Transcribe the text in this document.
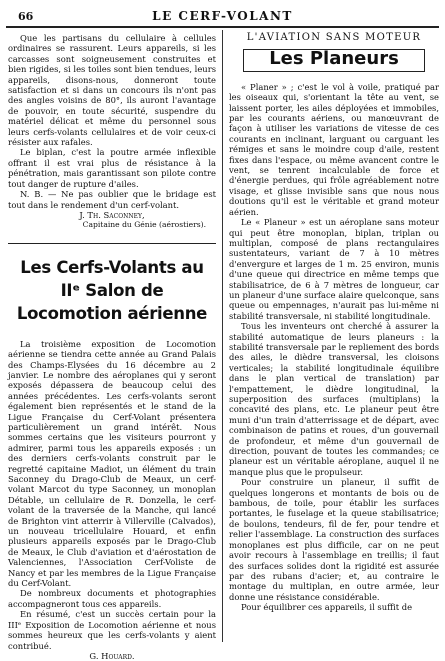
66	LE CERF-VOLANT

Que les partisans du cellulaire à cellules ordinaires se rassurent. Leurs appareils, si les carcasses sont soigneusement construites et bien rigides, si les toiles sont bien tendues, leurs appareils, disons-nous, donneront toute satisfaction et si dans un concours ils n'ont pas des angles voisins de 80°, ils auront l'avantage de pouvoir, en toute sécurité, suspendre du matériel délicat et même du personnel sous leurs cerfs-volants cellulaires et de voir ceux-ci résister aux rafales.

Le biplan, c'est la poutre armée inflexible offrant il est vrai plus de résistance à la pénétration, mais garantissant son pilote contre tout danger de rupture d'ailes.

N. B. — Ne pas oublier que le bridage est tout dans le rendement d'un cerf-volant.

J. Th. Saconney,

Capitaine du Génie (aérostiers).

Les Cerfs-Volants au IIᵉ Salon de Locomotion aérienne

La troisième exposition de Locomotion aérienne se tiendra cette année au Grand Palais des Champs-Elysées du 16 décembre au 2 janvier. Le nombre des aéroplanes qui y seront exposés dépassera de beaucoup celui des années précédentes. Les cerfs-volants seront également bien représentés et le stand de la Ligue Française du Cerf-Volant présentera particulièrement un grand intérêt. Nous sommes certains que les visiteurs pourront y admirer, parmi tous les appareils exposés : un des derniers cerfs-volants construit par le regretté capitaine Madiot, un élément du train Saconney du Drago-Club de Meaux, un cerf-volant Marcot du type Saconney, un monoplan Détable, un cellulaire de R. Donzella, le cerf-volant de la traversée de la Manche, qui lancé de Brighton vint atterrir à Villerville (Calvados), un nouveau tricellulaire Houard, et enfin plusieurs appareils exposés par le Drago-Club de Meaux, le Club d'aviation et d'aérostation de Valenciennes, l'Association Cerf-Voliste de Nancy et par les membres de la Ligue Française du Cerf-Volant.

De nombreux documents et photographies accompagneront tous ces appareils.

En résumé, c'est un succès certain pour la IIIᵉ Exposition de Locomotion aérienne et nous sommes heureux que les cerfs-volants y aient contribué.

G. Houard.

L'AVIATION SANS MOTEUR
Les Planeurs

« Planer » ; c'est le vol à voile, pratiqué par les oiseaux qui, s'orientant la tête au vent, se laissent porter, les ailes déployées et immobiles, par les courants aériens, ou manœuvrant de façon à utiliser les variations de vitesse de ces courants en inclinant, larguant ou carguant les rémiges et sans le moindre coup d'aile, restent fixes dans l'espace, ou même avancent contre le vent, se tenrent incalculable de force et d'énergie perdues, qui frôle agréablement notre visage, et glisse invisible sans que nous nous doutions qu'il est le véritable et grand moteur aérien.

Le « Planeur » est un aéroplane sans moteur qui peut être monoplan, biplan, triplan ou multiplan, composé de plans rectangulaires sustentateurs, variant de 7 à 10 mètres d'envergure et larges de 1 m. 25 environ, munis d'une queue qui directrice en même temps que stabilisatrice, de 6 à 7 mètres de longueur, car un planeur d'une surface alaire quelconque, sans queue ou empennages, n'aurait pas lui-même ni stabilité transversale, ni stabilité longitudinale.

Tous les inventeurs ont cherché à assurer la stabilité automatique de leurs planeurs : la stabilité transversale par le repliement des bords des ailes, le dièdre transversal, les cloisons verticales; la stabilité longitudinale équilibre dans le plan vertical de translation) par l'empattement, le dièdre longitudinal, la superposition des surfaces (multiplans) la concavité des plans, etc. Le planeur peut être muni d'un train d'atterrissage et de départ, avec combinaison de patins et roues, d'un gouvernail de profondeur, et même d'un gouvernail de direction, pouvant de toutes les commandes; ce planeur est un véritable aéroplane, auquel il ne manque plus que le propulseur.

Pour construire un planeur, il suffit de quelques longerons et montants de bois ou de bambous, de toile, pour établir les surfaces portantes, le fuselage et la queue stabilisatrice; de boulons, tendeurs, fil de fer, pour tendre et relier l'assemblage. La construction des surfaces monoplanes est plus difficile, car on ne peut avoir recours à l'assemblage en treillis; il faut des surfaces solides dont la rigidité est assurée par des rubans d'acier; et, au contraire le montage du multiplan, en outre armée, leur donne une résistance considérable.

Pour équilibrer ces appareils, il suffit de
